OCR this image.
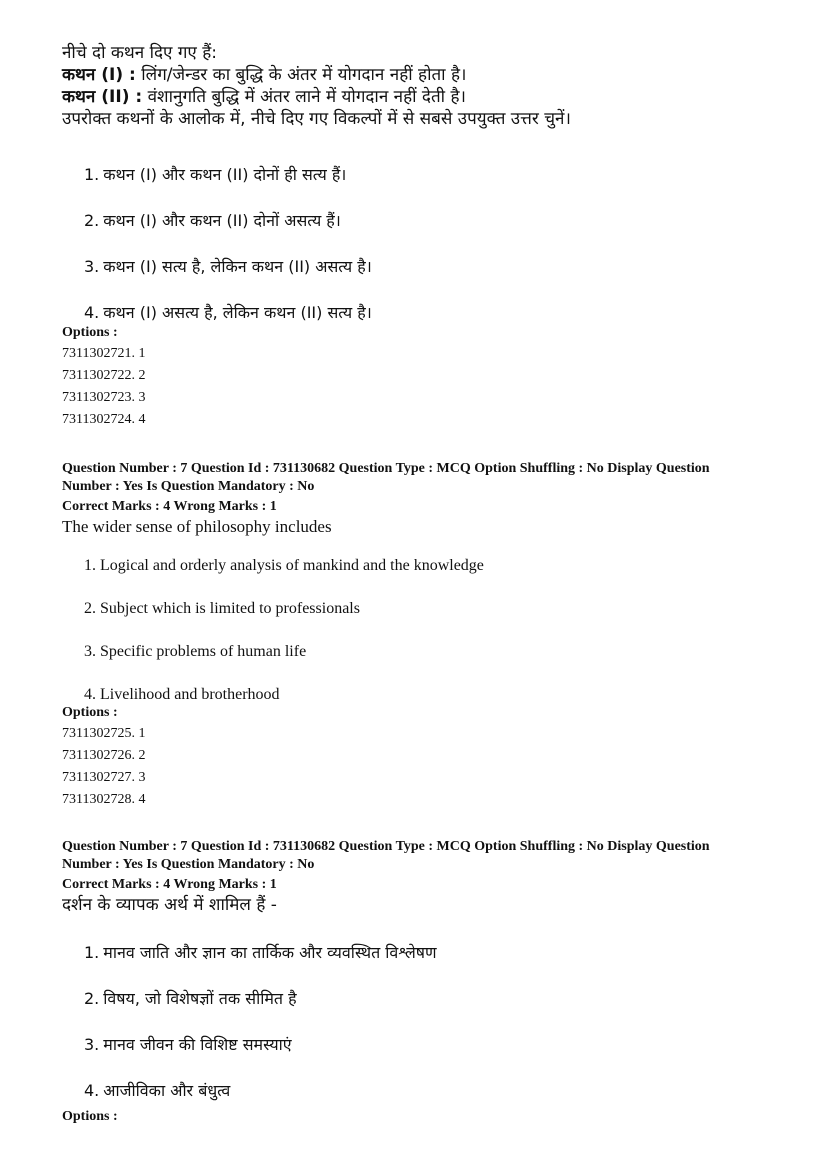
नीचे दो कथन दिए गए हैं:
कथन (I) : लिंग/जेन्डर का बुद्धि के अंतर में योगदान नहीं होता है।
कथन (II) : वंशानुगति बुद्धि में अंतर लाने में योगदान नहीं देती है।
उपरोक्त कथनों के आलोक में, नीचे दिए गए विकल्पों में से सबसे उपयुक्त उत्तर चुनें।
1. कथन (I) और कथन (II) दोनों ही सत्य हैं।
2. कथन (I) और कथन (II) दोनों असत्य हैं।
3. कथन (I) सत्य है, लेकिन कथन (II) असत्य है।
4. कथन (I) असत्य है, लेकिन कथन (II) सत्य है।
Options :
7311302721. 1
7311302722. 2
7311302723. 3
7311302724. 4
Question Number : 7 Question Id : 731130682 Question Type : MCQ Option Shuffling : No Display Question
Number : Yes Is Question Mandatory : No
Correct Marks : 4 Wrong Marks : 1
The wider sense of philosophy includes
1. Logical and orderly analysis of mankind and the knowledge
2. Subject which is limited to professionals
3. Specific problems of human life
4. Livelihood and brotherhood
Options :
7311302725. 1
7311302726. 2
7311302727. 3
7311302728. 4
Question Number : 7 Question Id : 731130682 Question Type : MCQ Option Shuffling : No Display Question
Number : Yes Is Question Mandatory : No
Correct Marks : 4 Wrong Marks : 1
दर्शन के व्यापक अर्थ में शामिल हैं -
1. मानव जाति और ज्ञान का तार्किक और व्यवस्थित विश्लेषण
2. विषय, जो विशेषज्ञों तक सीमित है
3. मानव जीवन की विशिष्ट समस्याएं
4. आजीविका और बंधुत्व
Options :
